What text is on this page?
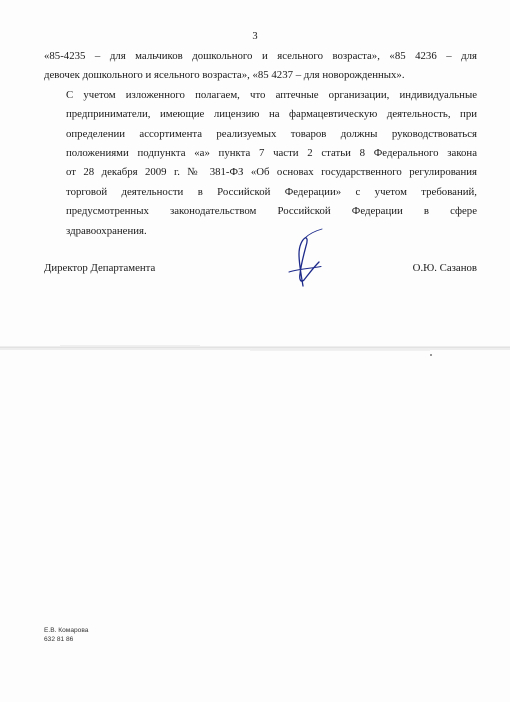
3

«85-4235 – для мальчиков дошкольного и ясельного возраста», «85 4236 – для
девочек дошкольного и ясельного возраста», «85 4237 – для новорожденных».

С учетом изложенного полагаем, что аптечные организации, индивидуальные
предприниматели, имеющие лицензию на фармацевтическую деятельность, при
определении ассортимента реализуемых товаров должны руководствоваться
положениями подпункта «а» пункта 7 части 2 статьи 8 Федерального закона
от 28 декабря 2009 г. № 381-ФЗ «Об основах государственного регулирования
торговой деятельности в Российской Федерации» с учетом требований,
предусмотренных законодательством Российской Федерации в сфере
здравоохранения.

Директор Департамента	О.Ю. Сазанов
Е.В. Комарова
632 81 86
